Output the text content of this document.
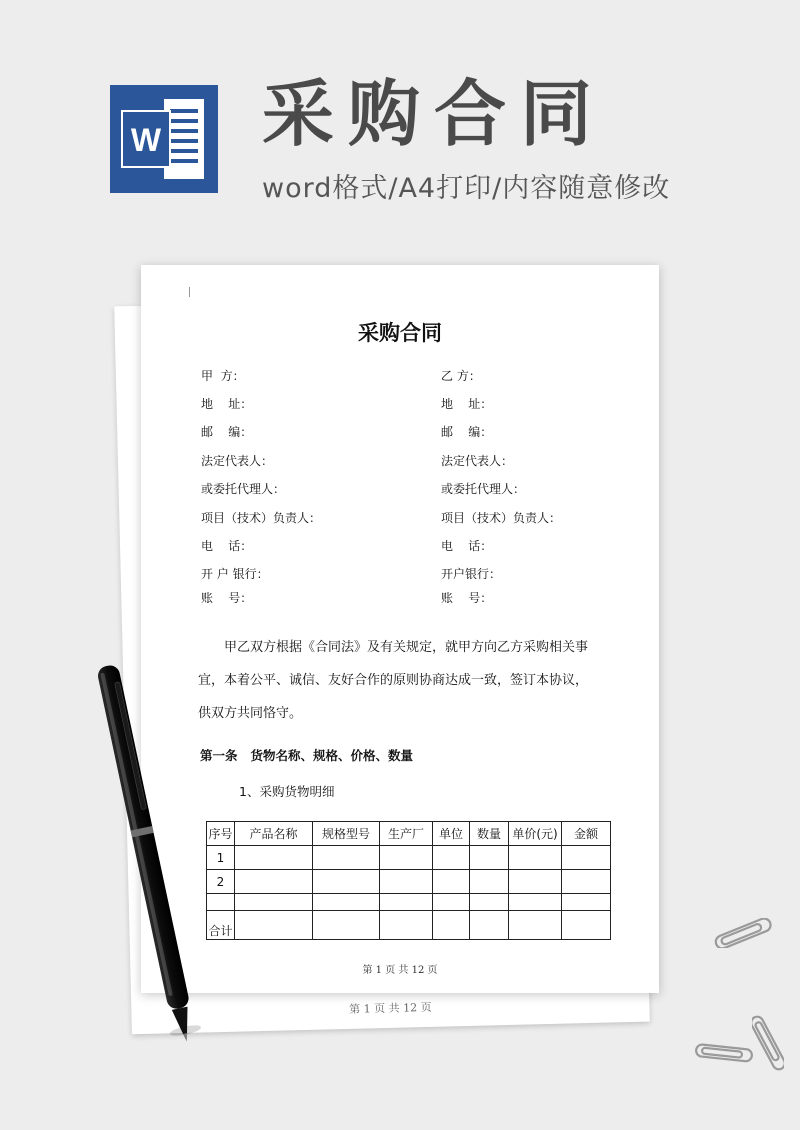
W 采购合同
word格式/A4打印/内容随意修改
第 1 页 共 12 页
采购合同
甲  方：	乙 方：
地    址：	地    址：
邮    编：	邮    编：
法定代表人：	法定代表人：
或委托代理人：	或委托代理人：
项目（技术）负责人：	项目（技术）负责人：
电    话：	电    话：
开 户 银行：	开户银行：
账    号：	账    号：
甲乙双方根据《合同法》及有关规定，就甲方向乙方采购相关事宜，本着公平、诚信、友好合作的原则协商达成一致，签订本协议，供双方共同恪守。
第一条   货物名称、规格、价格、数量
1、采购货物明细
序号	产品名称	规格型号	生产厂	单位	数量	单价(元)	金额
1							
2							

合计							
第 1 页 共 12 页
